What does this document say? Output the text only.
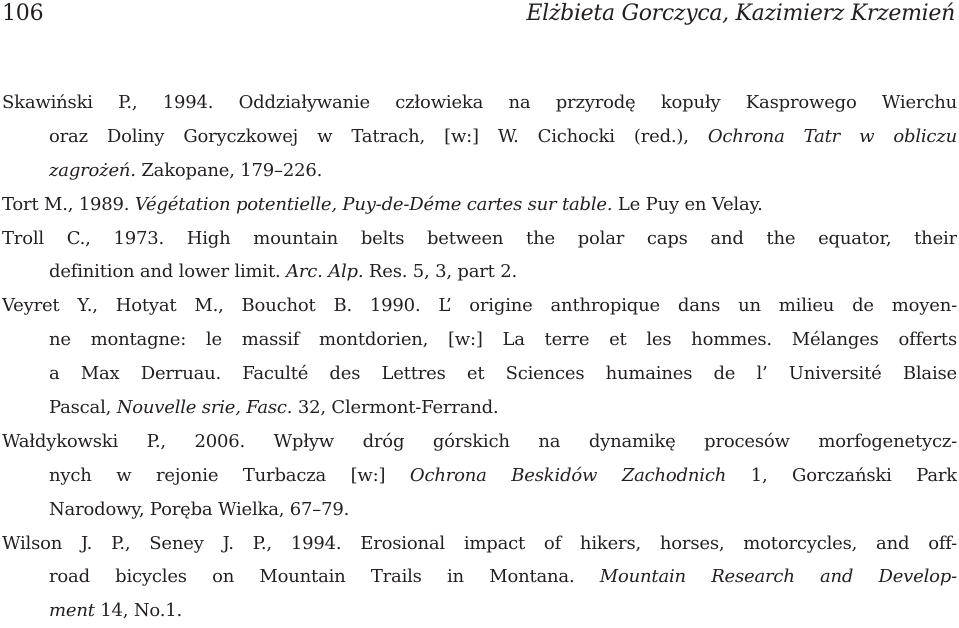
106	Elżbieta Gorczyca, Kazimierz Krzemień
Skawiński P., 1994. Oddziaływanie człowieka na przyrodę kopuły Kasprowego Wierchu
oraz Doliny Goryczkowej w Tatrach, [w:] W. Cichocki (red.), Ochrona Tatr w obliczu
zagrożeń. Zakopane, 179–226.
Tort M., 1989. Végétation potentielle, Puy-de-Déme cartes sur table. Le Puy en Velay.
Troll C., 1973. High mountain belts between the polar caps and the equator, their
definition and lower limit. Arc. Alp. Res. 5, 3, part 2.
Veyret Y., Hotyat M., Bouchot B. 1990. L’ origine anthropique dans un milieu de moyen-
ne montagne: le massif montdorien, [w:] La terre et les hommes. Mélanges offerts
a Max Derruau. Faculté des Lettres et Sciences humaines de l’ Université Blaise
Pascal, Nouvelle srie, Fasc. 32, Clermont-Ferrand.
Wałdykowski P., 2006. Wpływ dróg górskich na dynamikę procesów morfogenetycz-
nych w rejonie Turbacza [w:] Ochrona Beskidów Zachodnich 1, Gorczański Park
Narodowy, Poręba Wielka, 67–79.
Wilson J. P., Seney J. P., 1994. Erosional impact of hikers, horses, motorcycles, and off-
road bicycles on Mountain Trails in Montana. Mountain Research and Develop-
ment 14, No.1.
